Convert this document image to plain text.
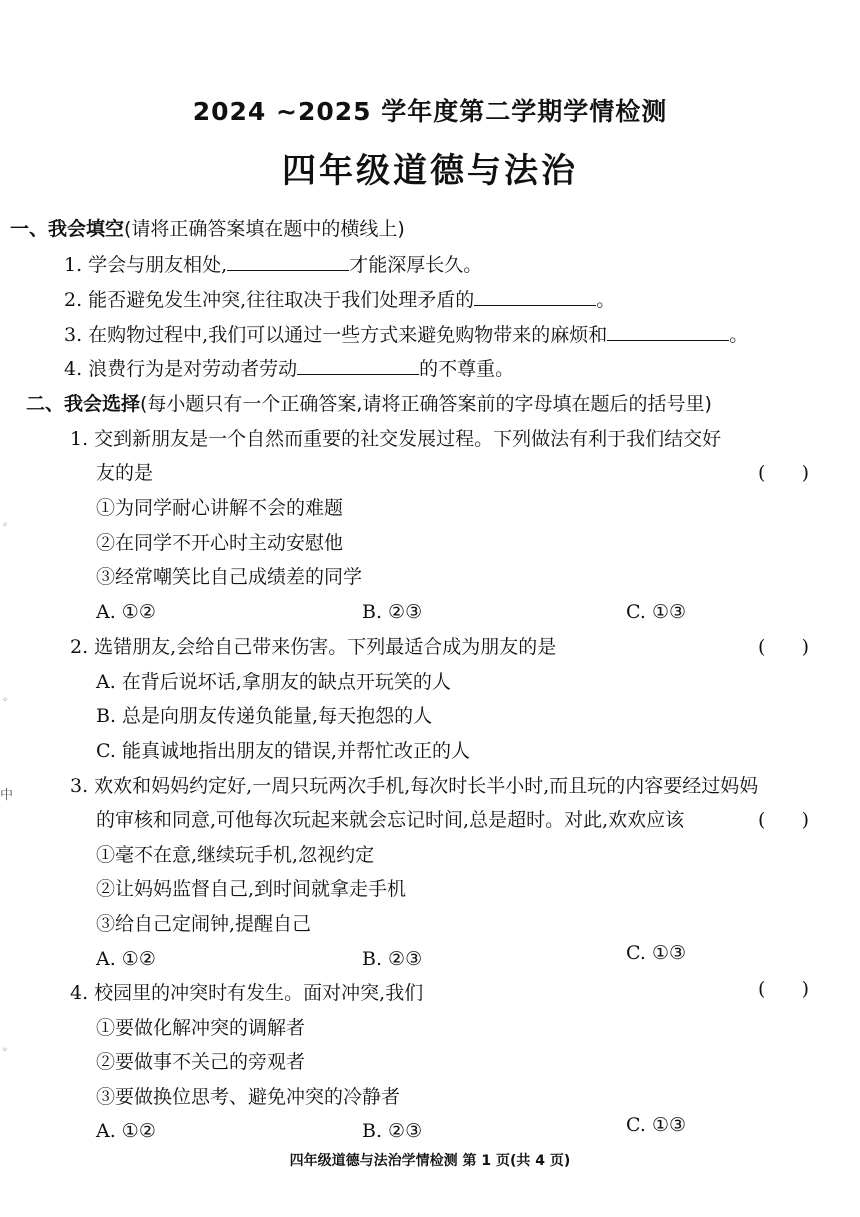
2024 ~2025 学年度第二学期学情检测
四年级道德与法治
一、我会填空(请将正确答案填在题中的横线上)
1. 学会与朋友相处,	才能深厚长久。
2. 能否避免发生冲突,往往取决于我们处理矛盾的	。
3. 在购物过程中,我们可以通过一些方式来避免购物带来的麻烦和	。
4. 浪费行为是对劳动者劳动	的不尊重。
二、我会选择(每小题只有一个正确答案,请将正确答案前的字母填在题后的括号里)
1. 交到新朋友是一个自然而重要的社交发展过程。下列做法有利于我们结交好
友的是	(      )
①为同学耐心讲解不会的难题
②在同学不开心时主动安慰他
③经常嘲笑比自己成绩差的同学
A. ①②	B. ②③	C. ①③
2. 选错朋友,会给自己带来伤害。下列最适合成为朋友的是	(      )
A. 在背后说坏话,拿朋友的缺点开玩笑的人
B. 总是向朋友传递负能量,每天抱怨的人
C. 能真诚地指出朋友的错误,并帮忙改正的人
3. 欢欢和妈妈约定好,一周只玩两次手机,每次时长半小时,而且玩的内容要经过妈妈
的审核和同意,可他每次玩起来就会忘记时间,总是超时。对此,欢欢应该	(      )
①毫不在意,继续玩手机,忽视约定
②让妈妈监督自己,到时间就拿走手机
③给自己定闹钟,提醒自己
A. ①②	B. ②③	C. ①③
4. 校园里的冲突时有发生。面对冲突,我们	(      )
①要做化解冲突的调解者
②要做事不关己的旁观者
③要做换位思考、避免冲突的冷静者
A. ①②	B. ②③	C. ①③
四年级道德与法治学情检测 第 1 页(共 4 页)
中
◦
◦
◦
